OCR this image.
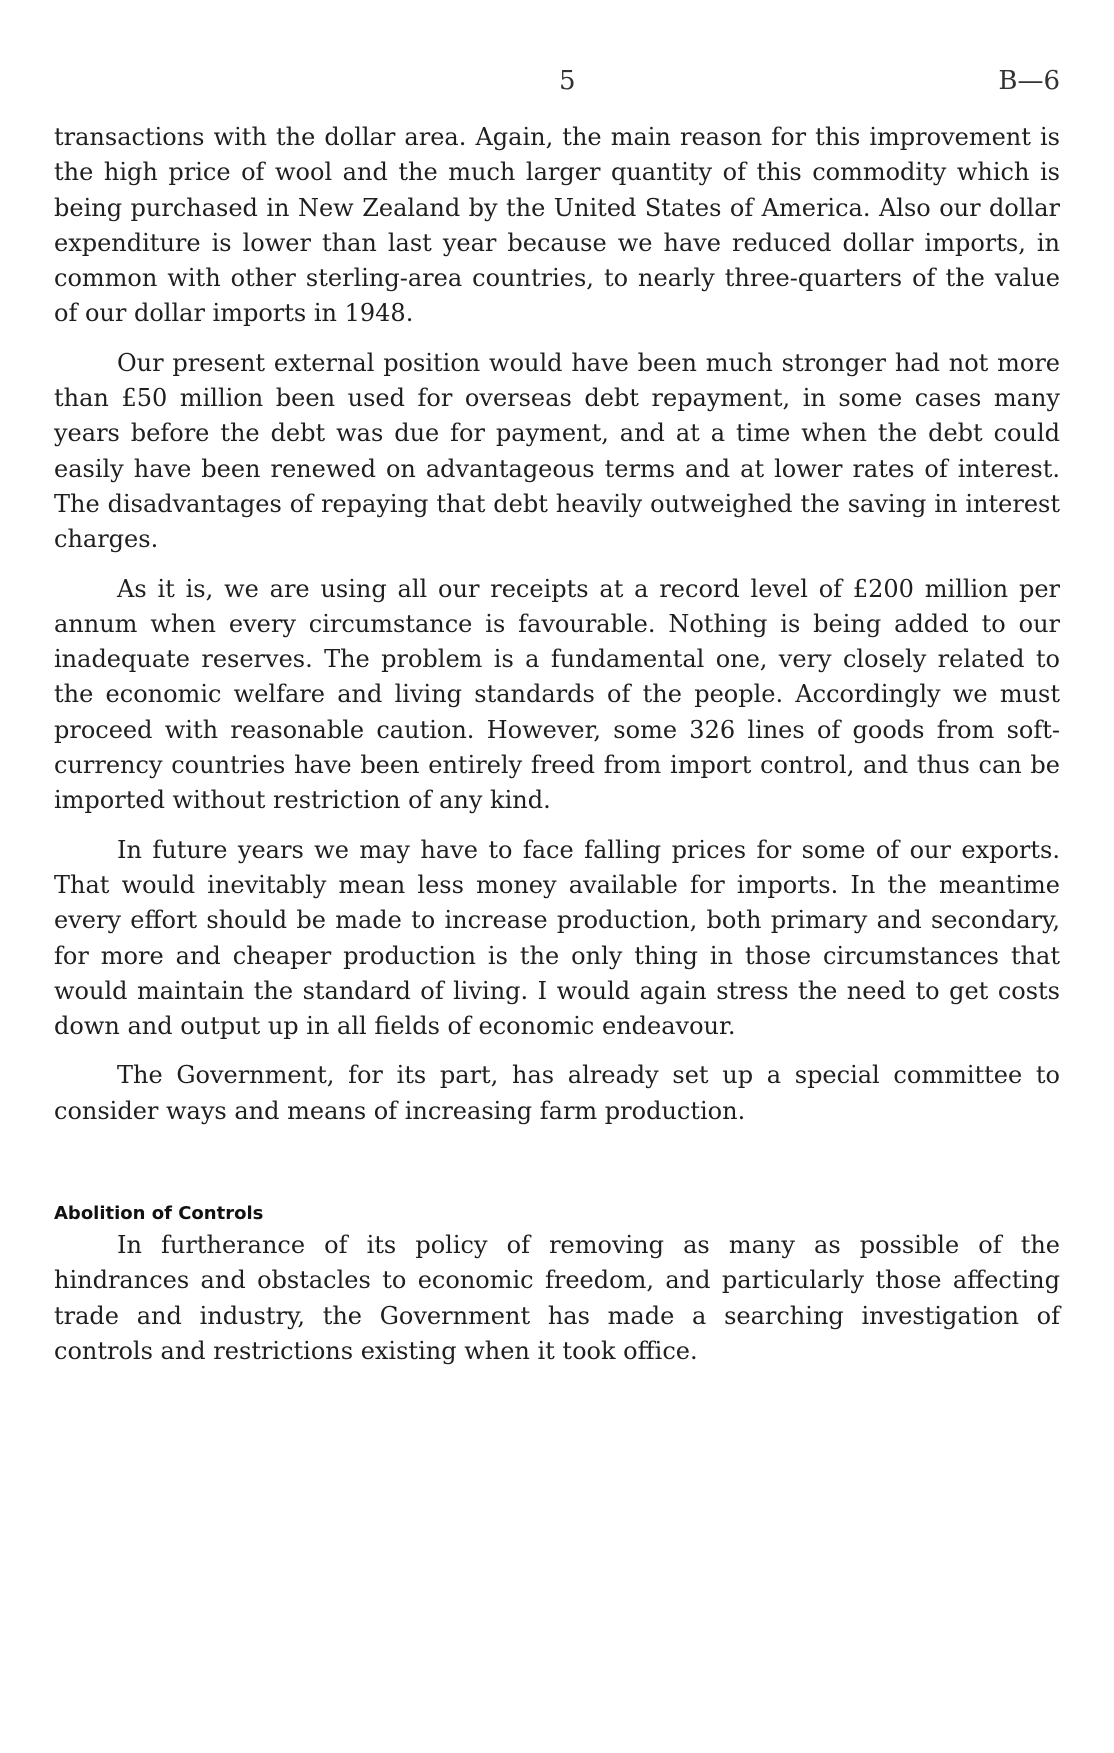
5	B—6

transactions with the dollar area. Again, the main reason for this improvement is the high price of wool and the much larger quantity of this commodity which is being purchased in New Zealand by the United States of America. Also our dollar expenditure is lower than last year because we have reduced dollar imports, in common with other sterling-area countries, to nearly three-quarters of the value of our dollar imports in 1948.

Our present external position would have been much stronger had not more than £50 million been used for overseas debt repayment, in some cases many years before the debt was due for payment, and at a time when the debt could easily have been renewed on advantageous terms and at lower rates of interest. The disadvantages of repaying that debt heavily outweighed the saving in interest charges.

As it is, we are using all our receipts at a record level of £200 million per annum when every circumstance is favourable. Nothing is being added to our inadequate reserves. The problem is a fundamental one, very closely related to the economic welfare and living standards of the people. Accordingly we must proceed with reasonable caution. However, some 326 lines of goods from soft-currency countries have been entirely freed from import control, and thus can be imported without restriction of any kind.

In future years we may have to face falling prices for some of our exports. That would inevitably mean less money available for imports. In the meantime every effort should be made to increase production, both primary and secondary, for more and cheaper production is the only thing in those circumstances that would maintain the standard of living. I would again stress the need to get costs down and output up in all fields of economic endeavour.

The Government, for its part, has already set up a special committee to consider ways and means of increasing farm production.

Abolition of Controls

In furtherance of its policy of removing as many as possible of the hindrances and obstacles to economic freedom, and particularly those affecting trade and industry, the Government has made a searching investigation of controls and restrictions existing when it took office.
